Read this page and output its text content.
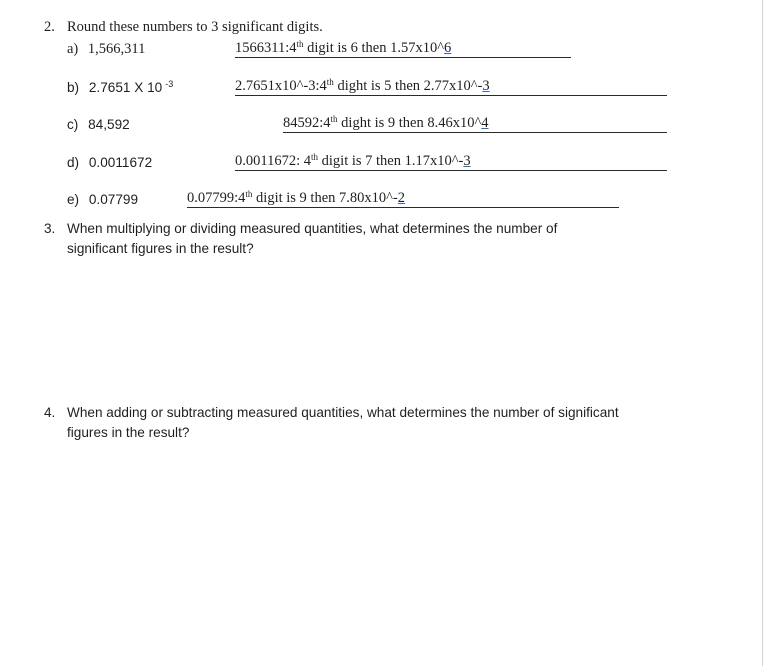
2. Round these numbers to 3 significant digits.
a) 1,566,311	1566311:4th digit is 6 then 1.57x10^6
b) 2.7651 X 10 $^{-3}$	2.7651x10^-3:4th dight is 5 then 2.77x10^-3
c) 84,592	84592:4th dight is 9 then 8.46x10^4
d) 0.0011672	0.0011672: 4th digit is 7 then 1.17x10^-3
e) 0.07799	0.07799:4th digit is 9 then 7.80x10^-2
3. When multiplying or dividing measured quantities, what determines the number of
significant figures in the result?
4. When adding or subtracting measured quantities, what determines the number of significant
figures in the result?
